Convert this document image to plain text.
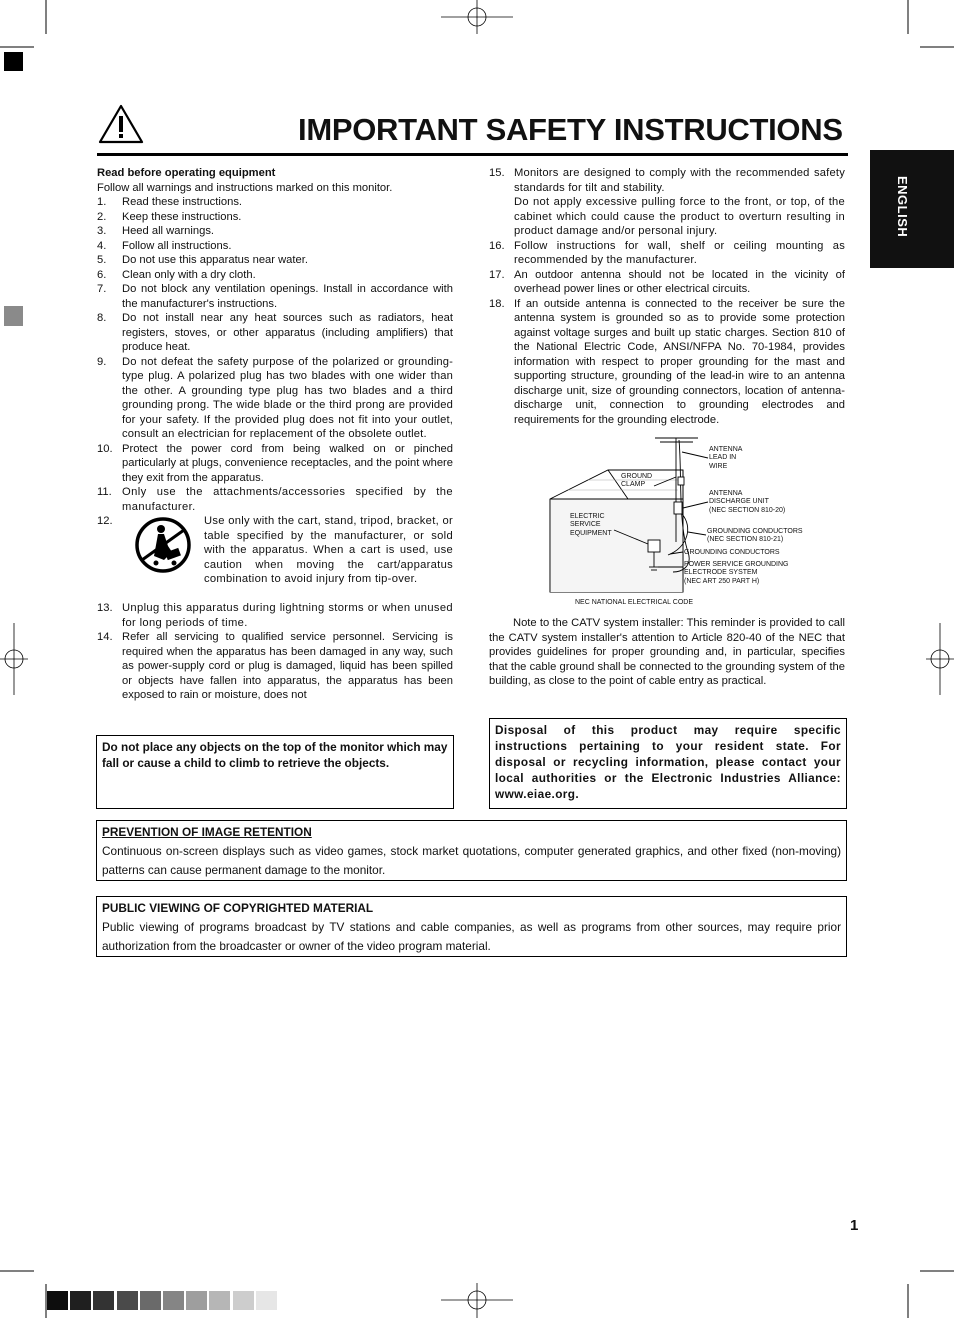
IMPORTANT SAFETY INSTRUCTIONS
ENGLISH
Read before operating equipment
Follow all warnings and instructions marked on this monitor.
1.	Read these instructions.
2.	Keep these instructions.
3.	Heed all warnings.
4.	Follow all instructions.
5.	Do not use this apparatus near water.
6.	Clean only with a dry cloth.
7.	Do not block any ventilation openings. Install in accordance with the manufacturer's instructions.
8.	Do not install near any heat sources such as radiators, heat registers, stoves, or other apparatus (including amplifiers) that produce heat.
9.	Do not defeat the safety purpose of the polarized or grounding- type plug. A polarized plug has two blades with one wider than the other. A grounding type plug has two blades and a third grounding prong. The wide blade or the third prong are provided for your safety. If the provided plug does not fit into your outlet, consult an electrician for replacement of the obsolete outlet.
10. Protect the power cord from being walked on or pinched particularly at plugs, convenience receptacles, and the point where they exit from the apparatus.
11. Only use the attachments/accessories specified by the manufacturer.
12.	Use only with the cart, stand, tripod, bracket, or table specified by the manufacturer, or sold with the apparatus. When a cart is used, use caution when moving the cart/apparatus combination to avoid injury from tip-over.
13. Unplug this apparatus during lightning storms or when unused for long periods of time.
14. Refer all servicing to qualified service personnel. Servicing is required when the apparatus has been damaged in any way, such as power-supply cord or plug is damaged, liquid has been spilled or objects have fallen into apparatus, the apparatus has been exposed to rain or moisture, does not
15. Monitors are designed to comply with the recommended safety standards for tilt and stability.
Do not apply excessive pulling force to the front, or top, of the cabinet which could cause the product to overturn resulting in product damage and/or personal injury.
16. Follow instructions for wall, shelf or ceiling mounting as recommended by the manufacturer.
17. An outdoor antenna should not be located in the vicinity of overhead power lines or other electrical circuits.
18. If an outside antenna is connected to the receiver be sure the antenna system is grounded so as to provide some protection against voltage surges and built up static charges. Section 810 of the National Electric Code, ANSI/NFPA No. 70-1984, provides information with respect to proper grounding for the mast and supporting structure, grounding of the lead-in wire to an antenna discharge unit, size of grounding connectors, location of antenna-discharge unit, connection to grounding electrodes and requirements for the grounding electrode.
ANTENNA
LEAD IN
WIRE
GROUND
CLAMP
ANTENNA
DISCHARGE UNIT
(NEC SECTION 810-20)
ELECTRIC
SERVICE
EQUIPMENT	GROUNDING CONDUCTORS
(NEC SECTION 810-21)
GROUNDING CONDUCTORS
POWER SERVICE GROUNDING
ELECTRODE SYSTEM
(NEC ART 250 PART H)
NEC NATIONAL ELECTRICAL CODE
Note to the CATV system installer: This reminder is provided to call the CATV system installer's attention to Article 820-40 of the NEC that provides guidelines for proper grounding and, in particular, specifies that the cable ground shall be connected to the grounding system of the building, as close to the point of cable entry as practical.
Do not place any objects on the top of the monitor which may fall or cause a child to climb to retrieve the objects.
Disposal of this product may require specific instructions pertaining to your resident state. For disposal or recycling information, please contact your local authorities or the Electronic Industries Alliance: www.eiae.org.
PREVENTION OF IMAGE RETENTION
Continuous on-screen displays such as video games, stock market quotations, computer generated graphics, and other fixed (non-moving) patterns can cause permanent damage to the monitor.
PUBLIC VIEWING OF COPYRIGHTED MATERIAL
Public viewing of programs broadcast by TV stations and cable companies, as well as programs from other sources, may require prior authorization from the broadcaster or owner of the video program material.
1
